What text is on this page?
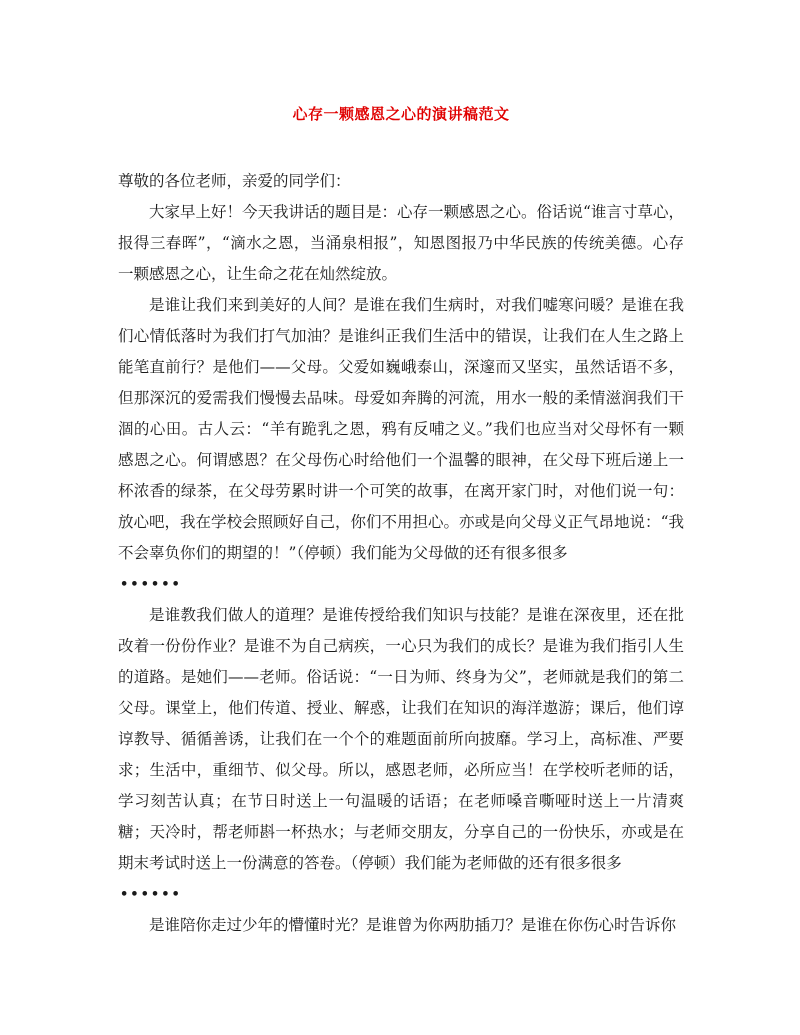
心存一颗感恩之心的演讲稿范文

尊敬的各位老师，亲爱的同学们：

大家早上好！今天我讲话的题目是：心存一颗感恩之心。俗话说“谁言寸草心，报得三春晖”，“滴水之恩，当涌泉相报”，知恩图报乃中华民族的传统美德。心存一颗感恩之心，让生命之花在灿然绽放。

是谁让我们来到美好的人间？是谁在我们生病时，对我们嘘寒问暖？是谁在我们心情低落时为我们打气加油？是谁纠正我们生活中的错误，让我们在人生之路上能笔直前行？是他们——父母。父爱如巍峨泰山，深邃而又坚实，虽然话语不多，但那深沉的爱需我们慢慢去品味。母爱如奔腾的河流，用水一般的柔情滋润我们干涸的心田。古人云：“羊有跪乳之恩，鸦有反哺之义。”我们也应当对父母怀有一颗感恩之心。何谓感恩？在父母伤心时给他们一个温馨的眼神，在父母下班后递上一杯浓香的绿茶，在父母劳累时讲一个可笑的故事，在离开家门时，对他们说一句：放心吧，我在学校会照顾好自己，你们不用担心。亦或是向父母义正气昂地说：“我不会辜负你们的期望的！”（停顿）我们能为父母做的还有很多很多

••••••

是谁教我们做人的道理？是谁传授给我们知识与技能？是谁在深夜里，还在批改着一份份作业？是谁不为自己病疾，一心只为我们的成长？是谁为我们指引人生的道路。是她们——老师。俗话说：“一日为师、终身为父”，老师就是我们的第二父母。课堂上，他们传道、授业、解惑，让我们在知识的海洋遨游；课后，他们谆谆教导、循循善诱，让我们在一个个的难题面前所向披靡。学习上，高标准、严要求；生活中，重细节、似父母。所以，感恩老师，必所应当！在学校听老师的话，学习刻苦认真；在节日时送上一句温暖的话语；在老师嗓音嘶哑时送上一片清爽糖；天冷时，帮老师斟一杯热水；与老师交朋友，分享自己的一份快乐，亦或是在期末考试时送上一份满意的答卷。（停顿）我们能为老师做的还有很多很多

••••••

是谁陪你走过少年的懵懂时光？是谁曾为你两肋插刀？是谁在你伤心时告诉你
